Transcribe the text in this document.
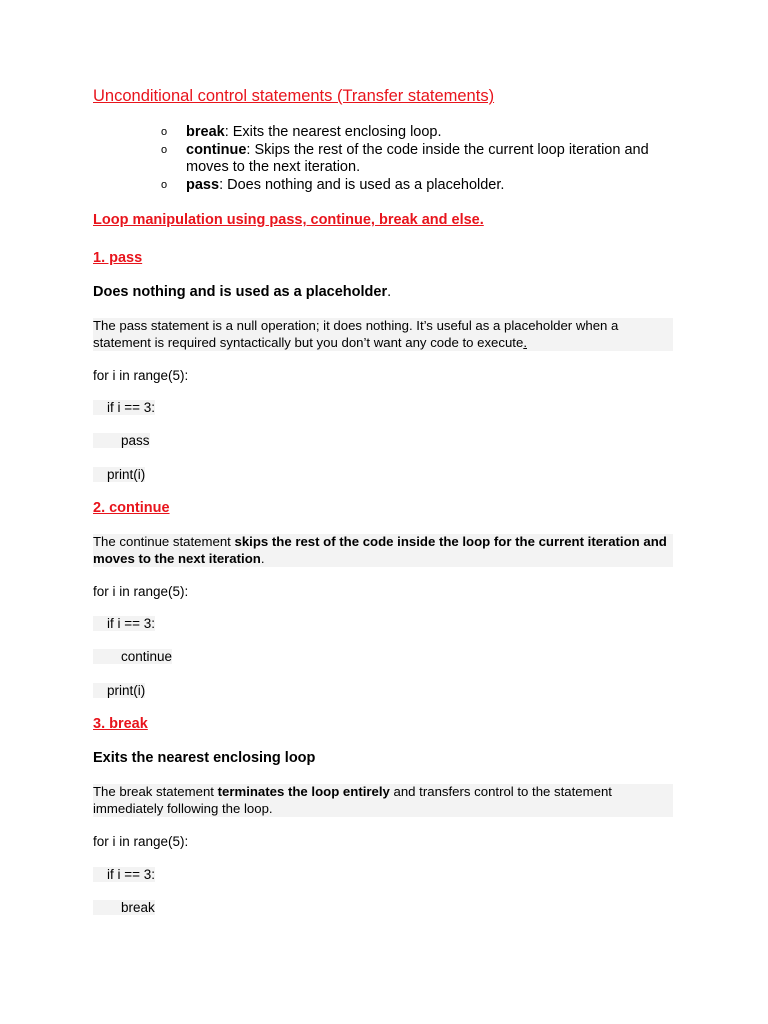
Unconditional control statements (Transfer statements)
o break: Exits the nearest enclosing loop.
o continue: Skips the rest of the code inside the current loop iteration and moves to the next iteration.
o pass: Does nothing and is used as a placeholder.
Loop manipulation using pass, continue, break and else.
1. pass
Does nothing and is used as a placeholder.
The pass statement is a null operation; it does nothing. It’s useful as a placeholder when a statement is required syntactically but you don’t want any code to execute.
for i in range(5):
if i == 3:
pass
print(i)
2. continue
The continue statement skips the rest of the code inside the loop for the current iteration and moves to the next iteration.
for i in range(5):
if i == 3:
continue
print(i)
3. break
Exits the nearest enclosing loop
The break statement terminates the loop entirely and transfers control to the statement immediately following the loop.
for i in range(5):
if i == 3:
break
